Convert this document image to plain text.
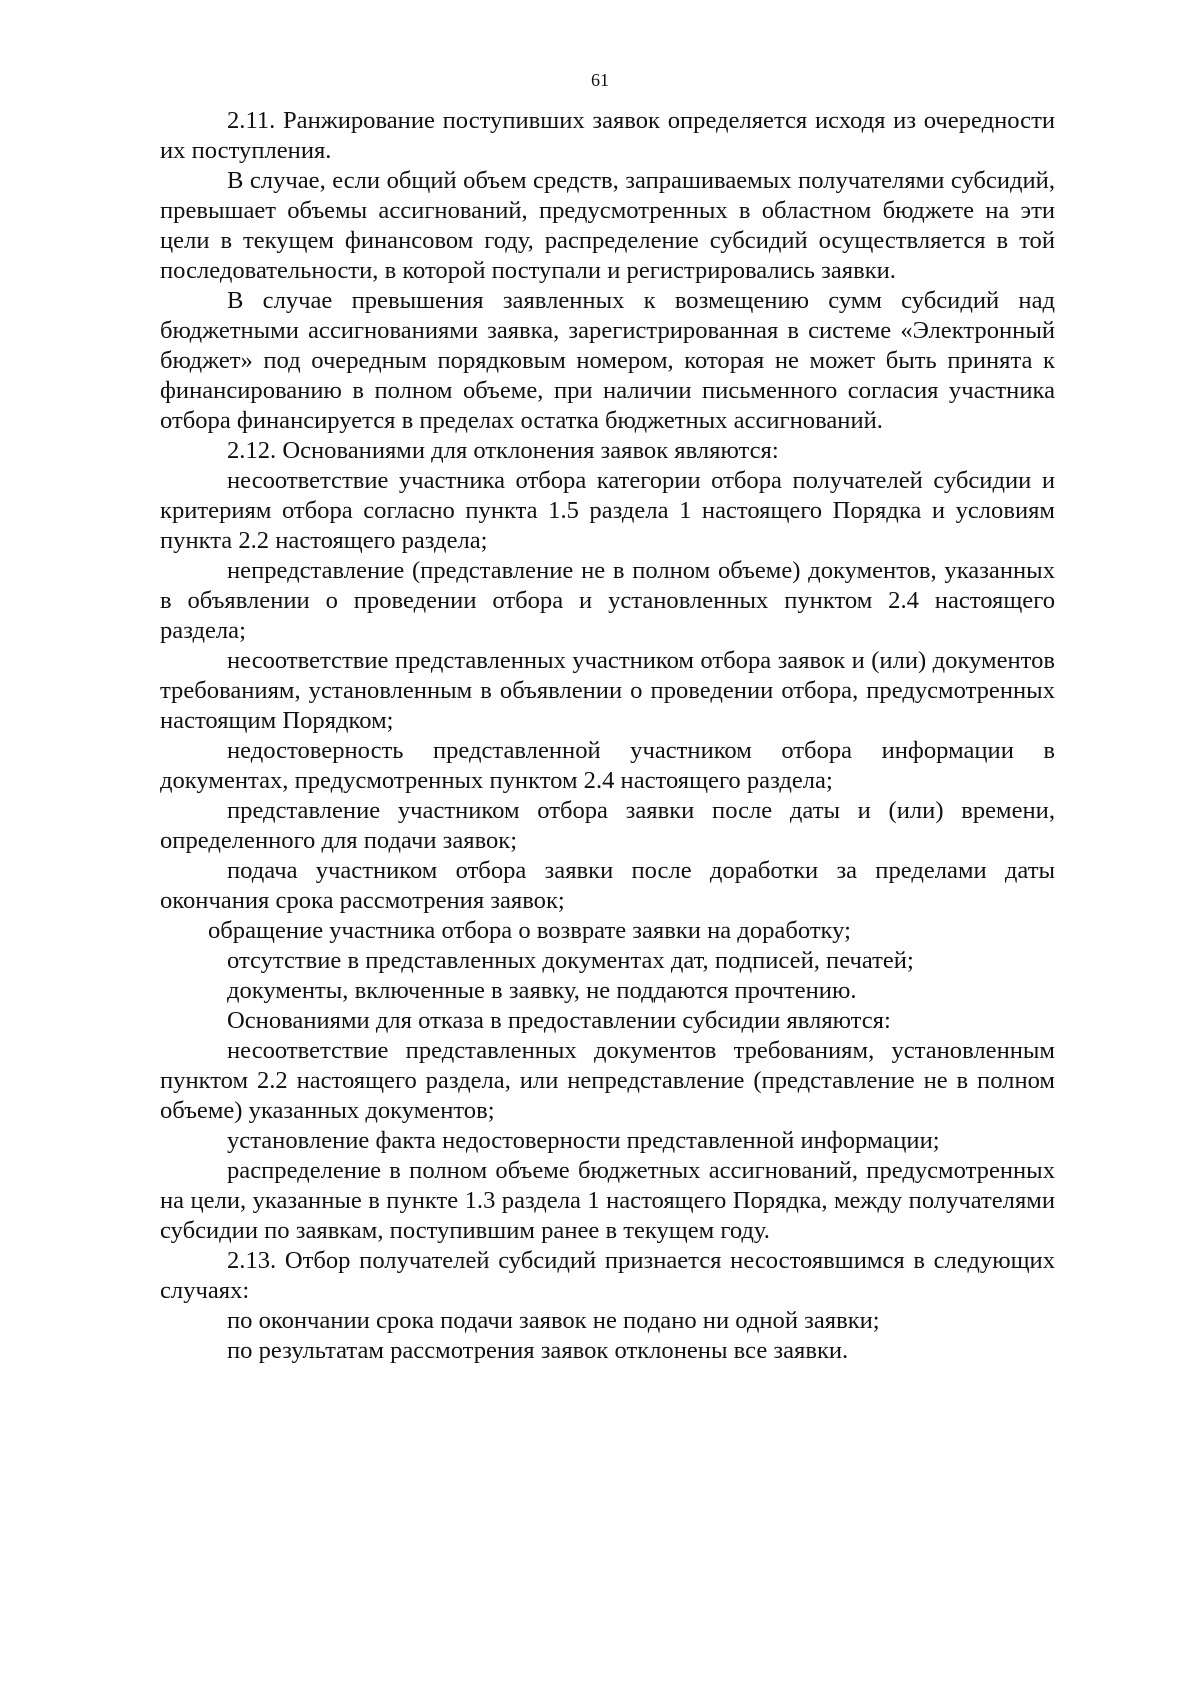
61

2.11. Ранжирование поступивших заявок определяется исходя из очередности их поступления.

В случае, если общий объем средств, запрашиваемых получателями субсидий, превышает объемы ассигнований, предусмотренных в областном бюджете на эти цели в текущем финансовом году, распределение субсидий осуществляется в той последовательности, в которой поступали и регистрировались заявки.

В случае превышения заявленных к возмещению сумм субсидий над бюджетными ассигнованиями заявка, зарегистрированная в системе «Электронный бюджет» под очередным порядковым номером, которая не может быть принята к финансированию в полном объеме, при наличии письменного согласия участника отбора финансируется в пределах остатка бюджетных ассигнований.

2.12. Основаниями для отклонения заявок являются:

несоответствие участника отбора категории отбора получателей субсидии и критериям отбора согласно пункта 1.5 раздела 1 настоящего Порядка и условиям пункта 2.2 настоящего раздела;

непредставление (представление не в полном объеме) документов, указанных в объявлении о проведении отбора и установленных пунктом 2.4 настоящего раздела;

несоответствие представленных участником отбора заявок и (или) документов требованиям, установленным в объявлении о проведении отбора, предусмотренных настоящим Порядком;

недостоверность представленной участником отбора информации в документах, предусмотренных пунктом 2.4 настоящего раздела;

представление участником отбора заявки после даты и (или) времени, определенного для подачи заявок;

подача участником отбора заявки после доработки за пределами даты окончания срока рассмотрения заявок;

обращение участника отбора о возврате заявки на доработку;

отсутствие в представленных документах дат, подписей, печатей;

документы, включенные в заявку, не поддаются прочтению.

Основаниями для отказа в предоставлении субсидии являются:

несоответствие представленных документов требованиям, установленным пунктом 2.2 настоящего раздела, или непредставление (представление не в полном объеме) указанных документов;

установление факта недостоверности представленной информации;

распределение в полном объеме бюджетных ассигнований, предусмотренных на цели, указанные в пункте 1.3 раздела 1 настоящего Порядка, между получателями субсидии по заявкам, поступившим ранее в текущем году.

2.13. Отбор получателей субсидий признается несостоявшимся в следующих случаях:

по окончании срока подачи заявок не подано ни одной заявки;

по результатам рассмотрения заявок отклонены все заявки.
